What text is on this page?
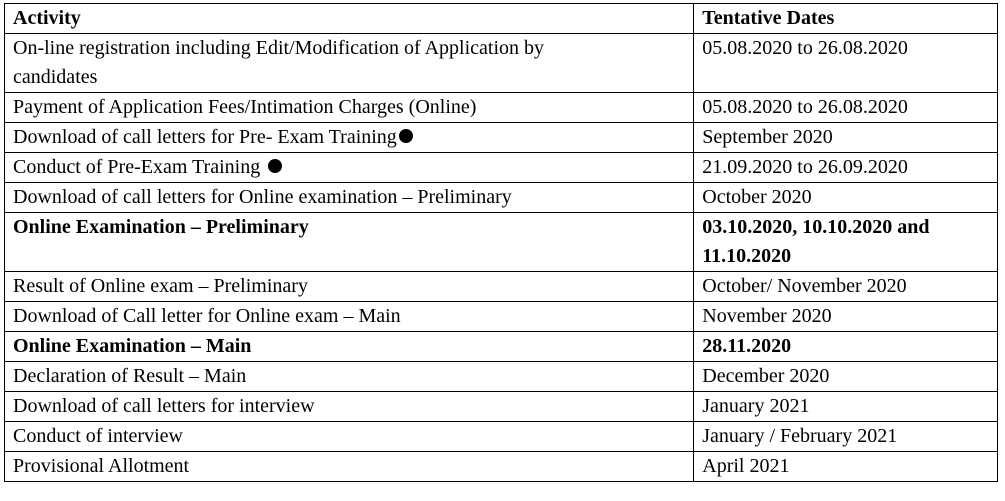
Activity	Tentative Dates
On-line registration including Edit/Modification of Application by
candidates	05.08.2020 to 26.08.2020
Payment of Application Fees/Intimation Charges (Online)	05.08.2020 to 26.08.2020
Download of call letters for Pre- Exam Training	September 2020
Conduct of Pre-Exam Training	21.09.2020 to 26.09.2020
Download of call letters for Online examination – Preliminary	October 2020
Online Examination – Preliminary	03.10.2020, 10.10.2020 and
11.10.2020
Result of Online exam – Preliminary	October/ November 2020
Download of Call letter for Online exam – Main	November 2020
Online Examination – Main	28.11.2020
Declaration of Result – Main	December 2020
Download of call letters for interview	January 2021
Conduct of interview	January / February 2021
Provisional Allotment	April 2021
